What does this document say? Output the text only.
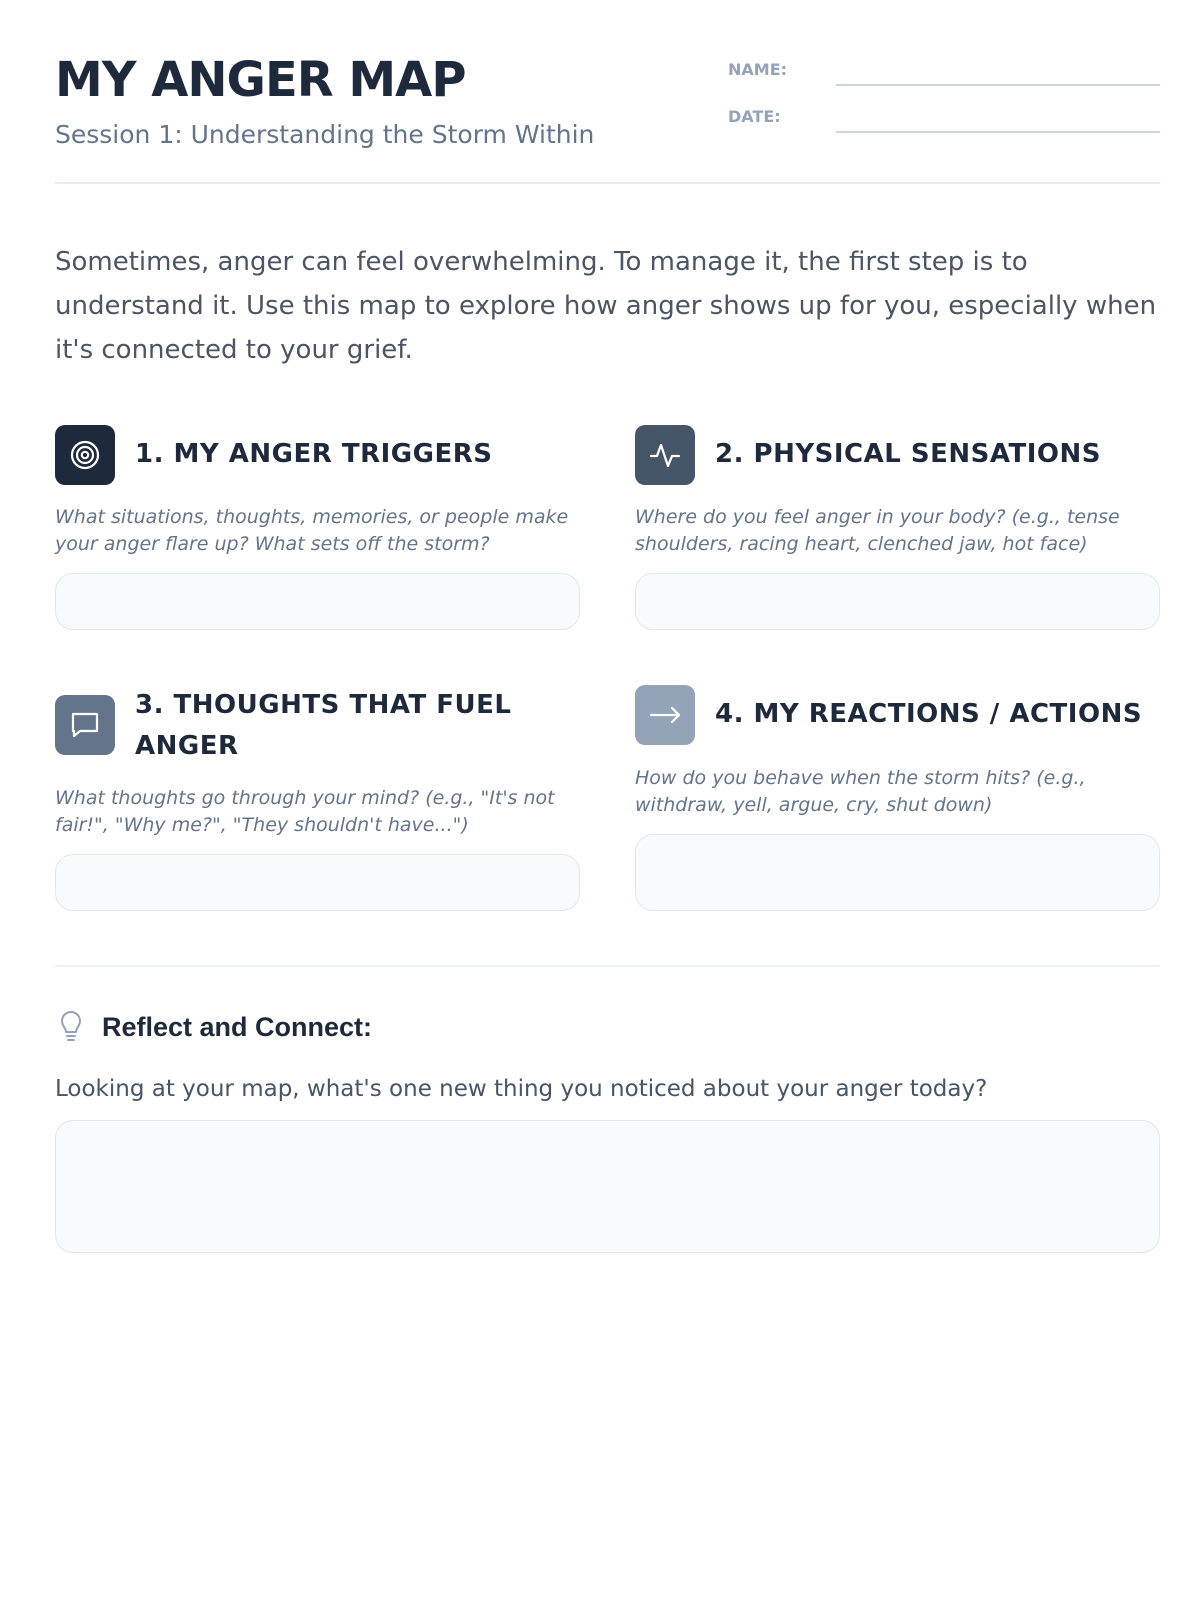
MY ANGER MAP
Session 1: Understanding the Storm Within
NAME:
DATE:

Sometimes, anger can feel overwhelming. To manage it, the first step is to understand it. Use this map to explore how anger shows up for you, especially when it's connected to your grief.

1. MY ANGER TRIGGERS

What situations, thoughts, memories, or people make your anger flare up? What sets off the storm?

2. PHYSICAL SENSATIONS

Where do you feel anger in your body? (e.g., tense shoulders, racing heart, clenched jaw, hot face)

3. THOUGHTS THAT FUEL ANGER

What thoughts go through your mind? (e.g., "It's not fair!", "Why me?", "They shouldn't have...")

4. MY REACTIONS / ACTIONS

How do you behave when the storm hits? (e.g., withdraw, yell, argue, cry, shut down)

Reflect and Connect:

Looking at your map, what's one new thing you noticed about your anger today?
